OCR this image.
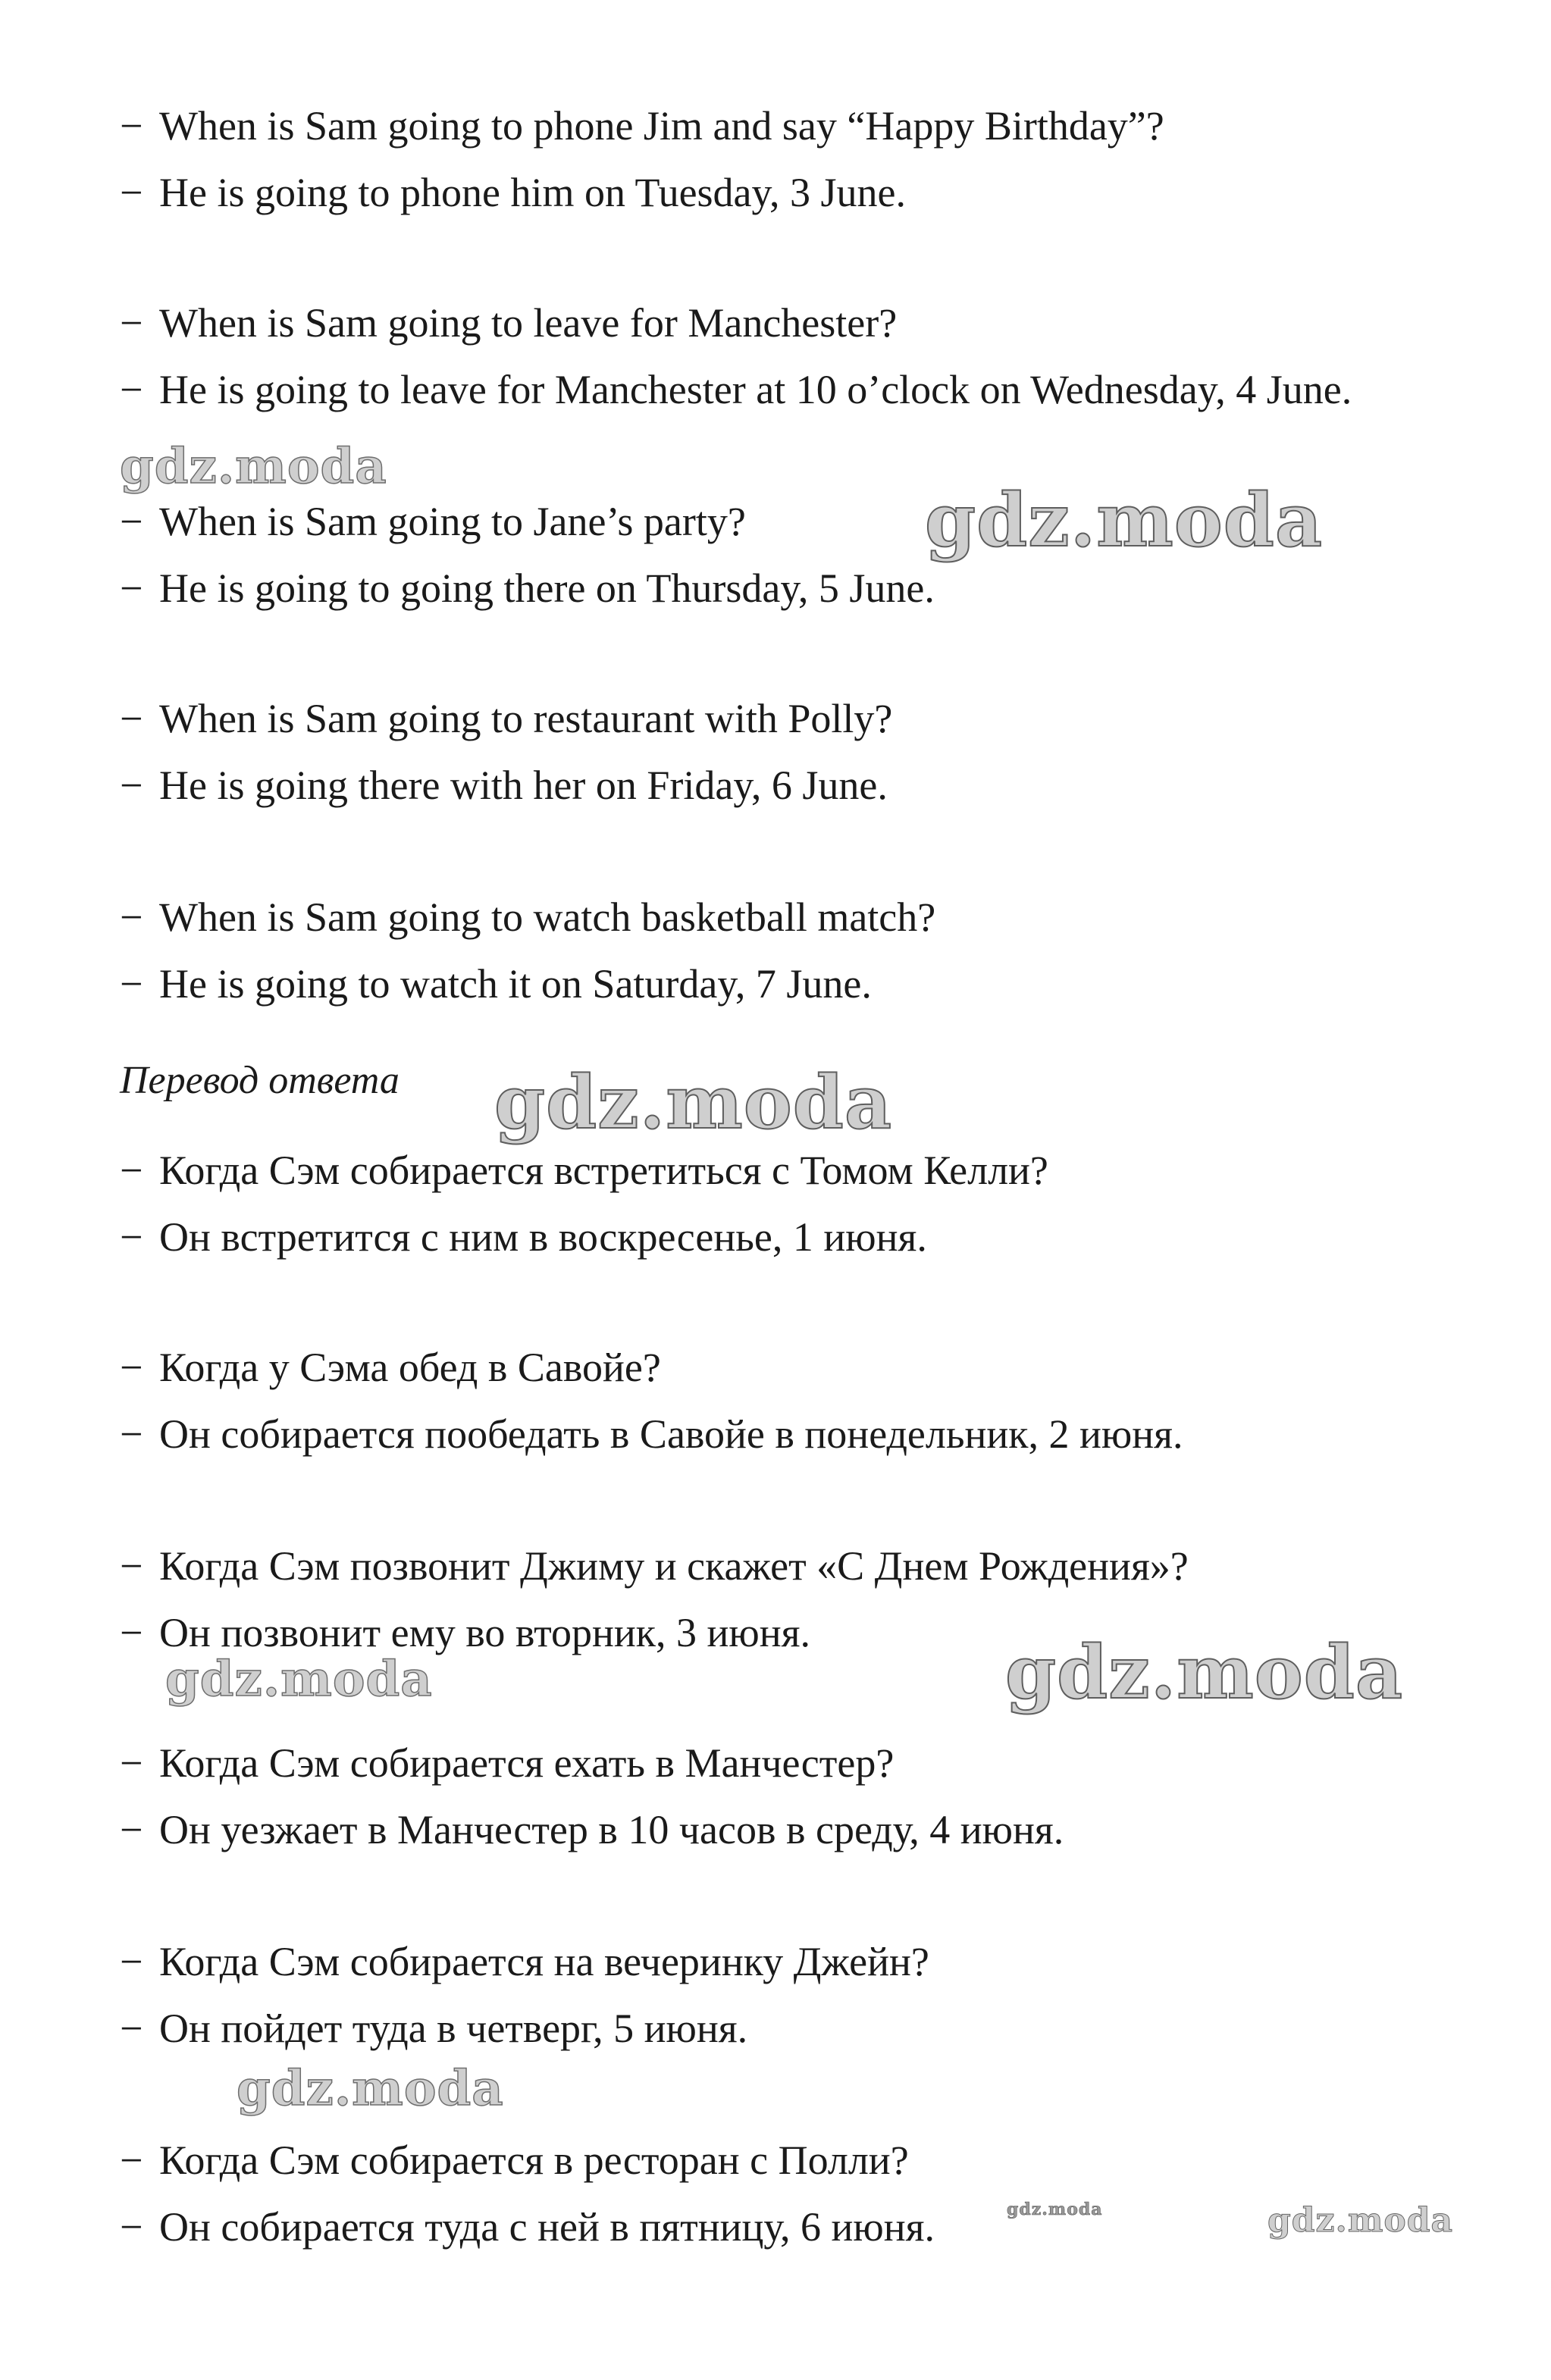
− When is Sam going to phone Jim and say “Happy Birthday”?
− He is going to phone him on Tuesday, 3 June.
− When is Sam going to leave for Manchester?
− He is going to leave for Manchester at 10 o’clock on Wednesday, 4 June.
− When is Sam going to Jane’s party?
− He is going to going there on Thursday, 5 June.
− When is Sam going to restaurant with Polly?
− He is going there with her on Friday, 6 June.
− When is Sam going to watch basketball match?
− He is going to watch it on Saturday, 7 June.
Перевод ответа
− Когда Сэм собирается встретиться с Томом Келли?
− Он встретится с ним в воскресенье, 1 июня.
− Когда у Сэма обед в Савойе?
− Он собирается пообедать в Савойе в понедельник, 2 июня.
− Когда Сэм позвонит Джиму и скажет «С Днем Рождения»?
− Он позвонит ему во вторник, 3 июня.
− Когда Сэм собирается ехать в Манчестер?
− Он уезжает в Манчестер в 10 часов в среду, 4 июня.
− Когда Сэм собирается на вечеринку Джейн?
− Он пойдет туда в четверг, 5 июня.
− Когда Сэм собирается в ресторан с Полли?
− Он собирается туда с ней в пятницу, 6 июня.
gdz.moda
gdz.moda
gdz.moda
gdz.moda	gdz.moda
gdz.moda
gdz.moda	gdz.moda
